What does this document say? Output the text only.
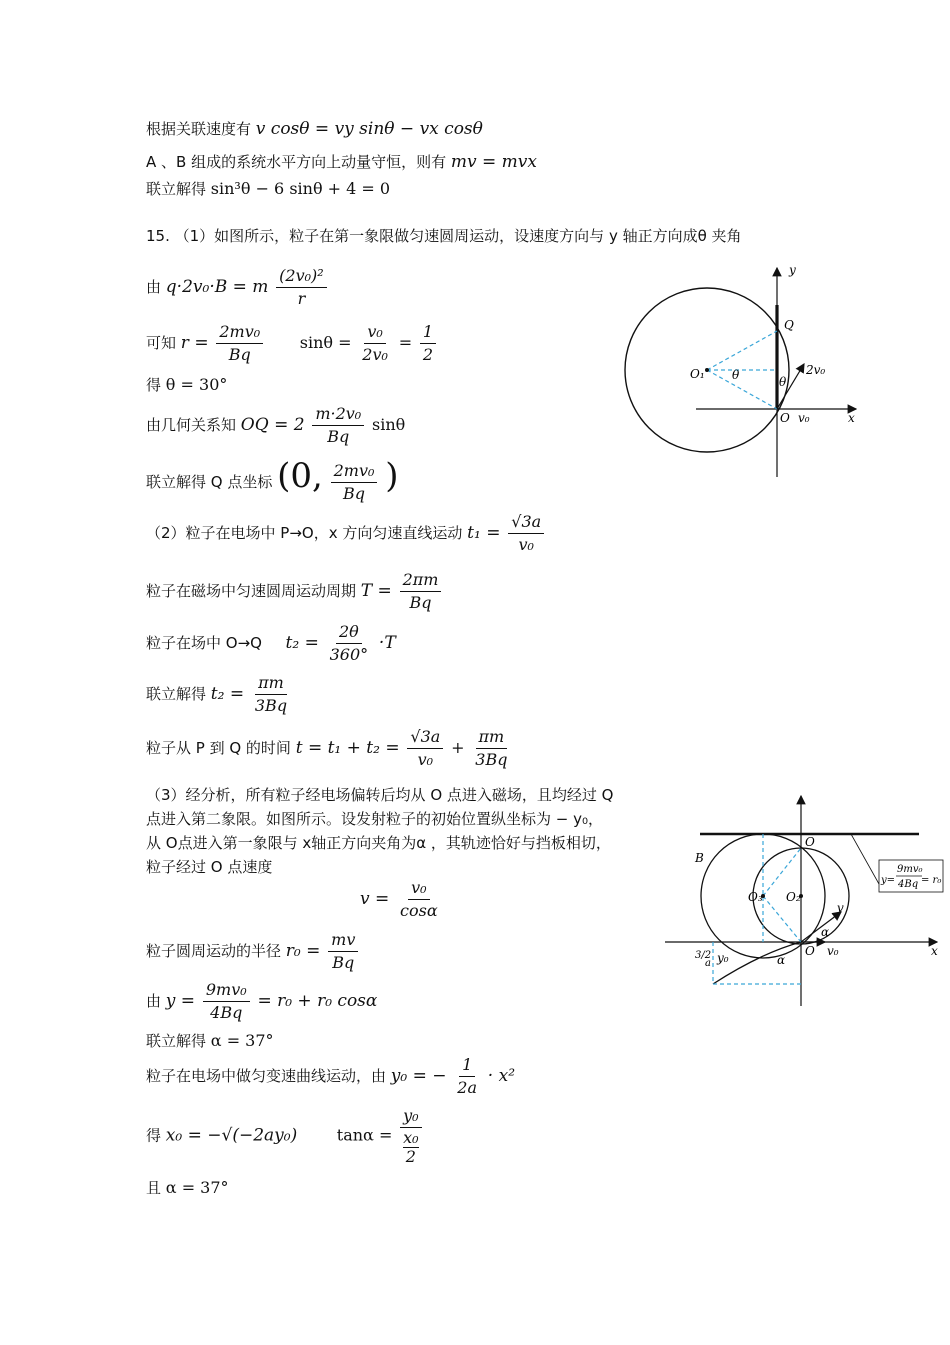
根据关联速度有 v cosθ = vy sinθ − vx cosθ
A 、B 组成的系统水平方向上动量守恒，则有 mv = mvx
联立解得 sin³θ − 6 sinθ + 4 = 0
15. （1）如图所示，粒子在第一象限做匀速圆周运动，设速度方向与 y 轴正方向成θ 夹角
由 q·2v₀·B = m $\frac{\text{(2v₀)²}}{r}$
可知 $r = \frac{\text{2mv₀}}{Bq}$ $\sin\theta = \frac{\text{v₀}}{\text{2v₀}} = \frac{1}{2}$
得 θ = 30°
由几何关系知 OQ = $2 \frac{\text{m·2v₀}}{Bq}$ sinθ
联立解得 Q 点坐标 (0, $\frac{\text{2mv₀}}{Bq}$ )
（2）粒子在电场中 P→O，x 方向匀速直线运动 $t_1 = \frac{√3a}{\text{v₀}}$
粒子在磁场中匀速圆周运动周期 $T = \frac{2\pi m}{Bq}$
粒子在场中 O→Q $t_2 = \frac{2\theta}{360^\circ} \cdot T$
联立解得 $t_2 = \frac{\pi m}{3Bq}$
粒子从 P 到 Q 的时间 $t = t_1 + t_2 = \frac{√3a}{\text{v₀}} + \frac{\pi m}{3Bq}$
（3）经分析，所有粒子经电场偏转后均从 O 点进入磁场，且均经过 Q
点进入第二象限。如图所示。设发射粒子的初始位置纵坐标为 − y₀，
从 O点进入第一象限与 x轴正方向夹角为α ，其轨迹恰好与挡板相切，
粒子经过 O 点速度
$v = \frac{\text{v₀}}{\cos\alpha}$
粒子圆周运动的半径 $r_0 = \frac{mv}{Bq}$
由 $y = \frac{\text{9mv₀}}{4Bq} = r_0 + r_0$ cosα
联立解得 α = 37°
粒子在电场中做匀变速曲线运动，由 y₀ = − $\frac{1}{2a} \cdot x^2$
得 x₀ = −√(−2ay₀) $\tan\alpha = \frac{\text{y₀}}{\frac{\text{x₀}}{2}}$
且 α = 37°
y
x
Q
O₁ θ	θ
2v₀
O v₀
B
O
O₃ O₂
v
α
α
O v₀	x
y₀
3/2
a
y=
9mv₀
4Bq = r₀
